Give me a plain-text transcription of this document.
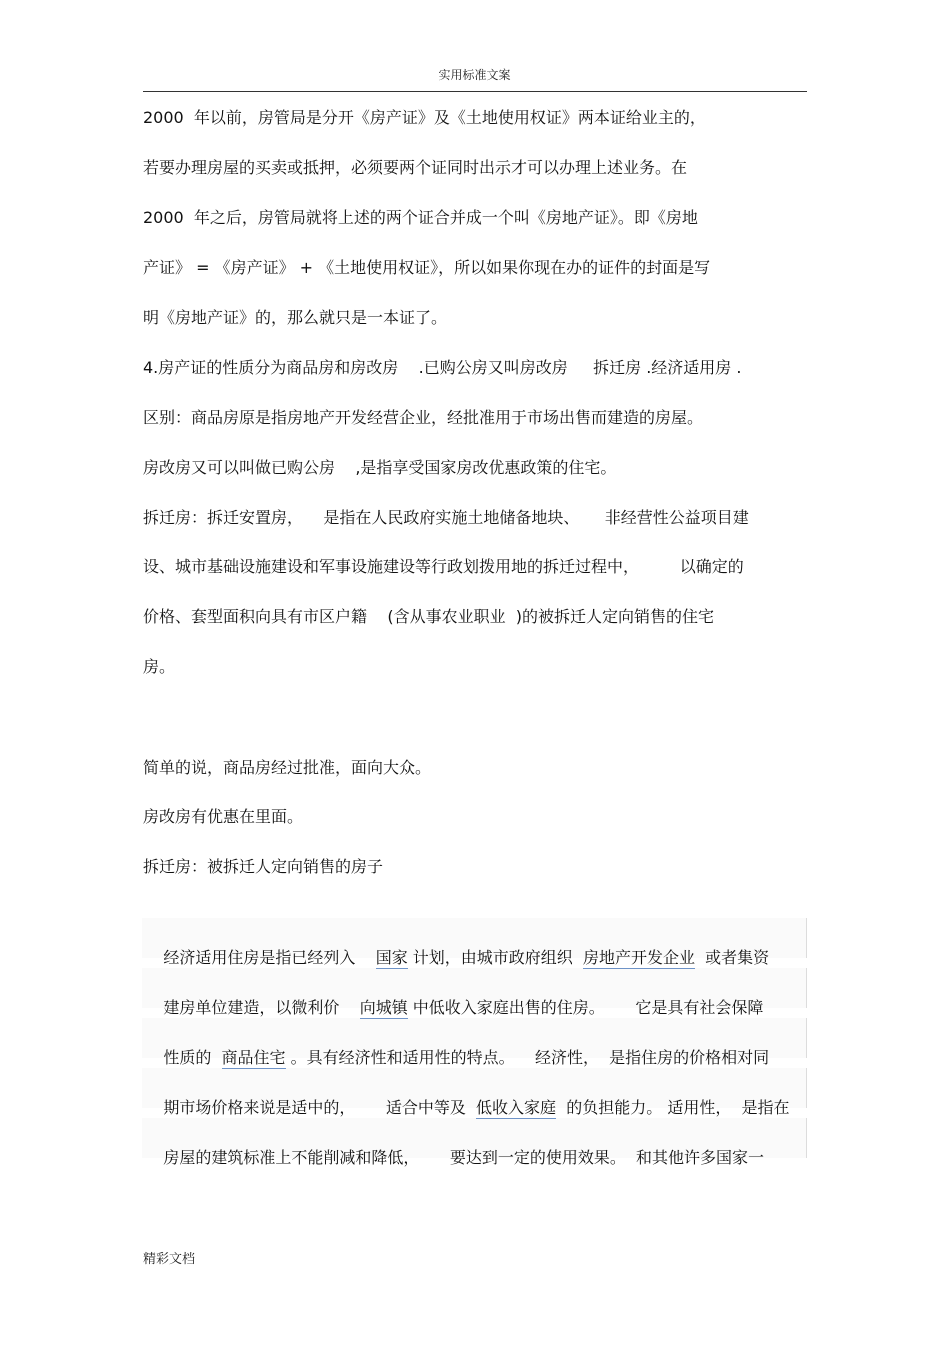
实用标准文案
2000  年以前，房管局是分开《房产证》及《土地使用权证》两本证给业主的，
若要办理房屋的买卖或抵押，必须要两个证同时出示才可以办理上述业务。在
2000  年之后，房管局就将上述的两个证合并成一个叫《房地产证》。即《房地
产证》 = 《房产证》 + 《土地使用权证》，所以如果你现在办的证件的封面是写
明《房地产证》的，那么就只是一本证了。
4.房产证的性质分为商品房和房改房    .已购公房又叫房改房     拆迁房 .经济适用房 .
区别：商品房原是指房地产开发经营企业，经批准用于市场出售而建造的房屋。
房改房又可以叫做已购公房    ,是指享受国家房改优惠政策的住宅。
拆迁房：拆迁安置房，    是指在人民政府实施土地储备地块、     非经营性公益项目建
设、城市基础设施建设和军事设施建设等行政划拨用地的拆迁过程中，        以确定的
价格、套型面积向具有市区户籍    (含从事农业职业  )的被拆迁人定向销售的住宅
房。
简单的说，商品房经过批准，面向大众。
房改房有优惠在里面。
拆迁房：被拆迁人定向销售的房子

经济适用住房是指已经列入    国家 计划，由城市政府组织  房地产开发企业  或者集资

建房单位建造，以微利价    向城镇 中低收入家庭出售的住房。      它是具有社会保障

性质的  商品住宅 。具有经济性和适用性的特点。    经济性，  是指住房的价格相对同

期市场价格来说是适中的，      适合中等及  低收入家庭  的负担能力。 适用性，  是指在

房屋的建筑标准上不能削减和降低，      要达到一定的使用效果。  和其他许多国家一

精彩文档
